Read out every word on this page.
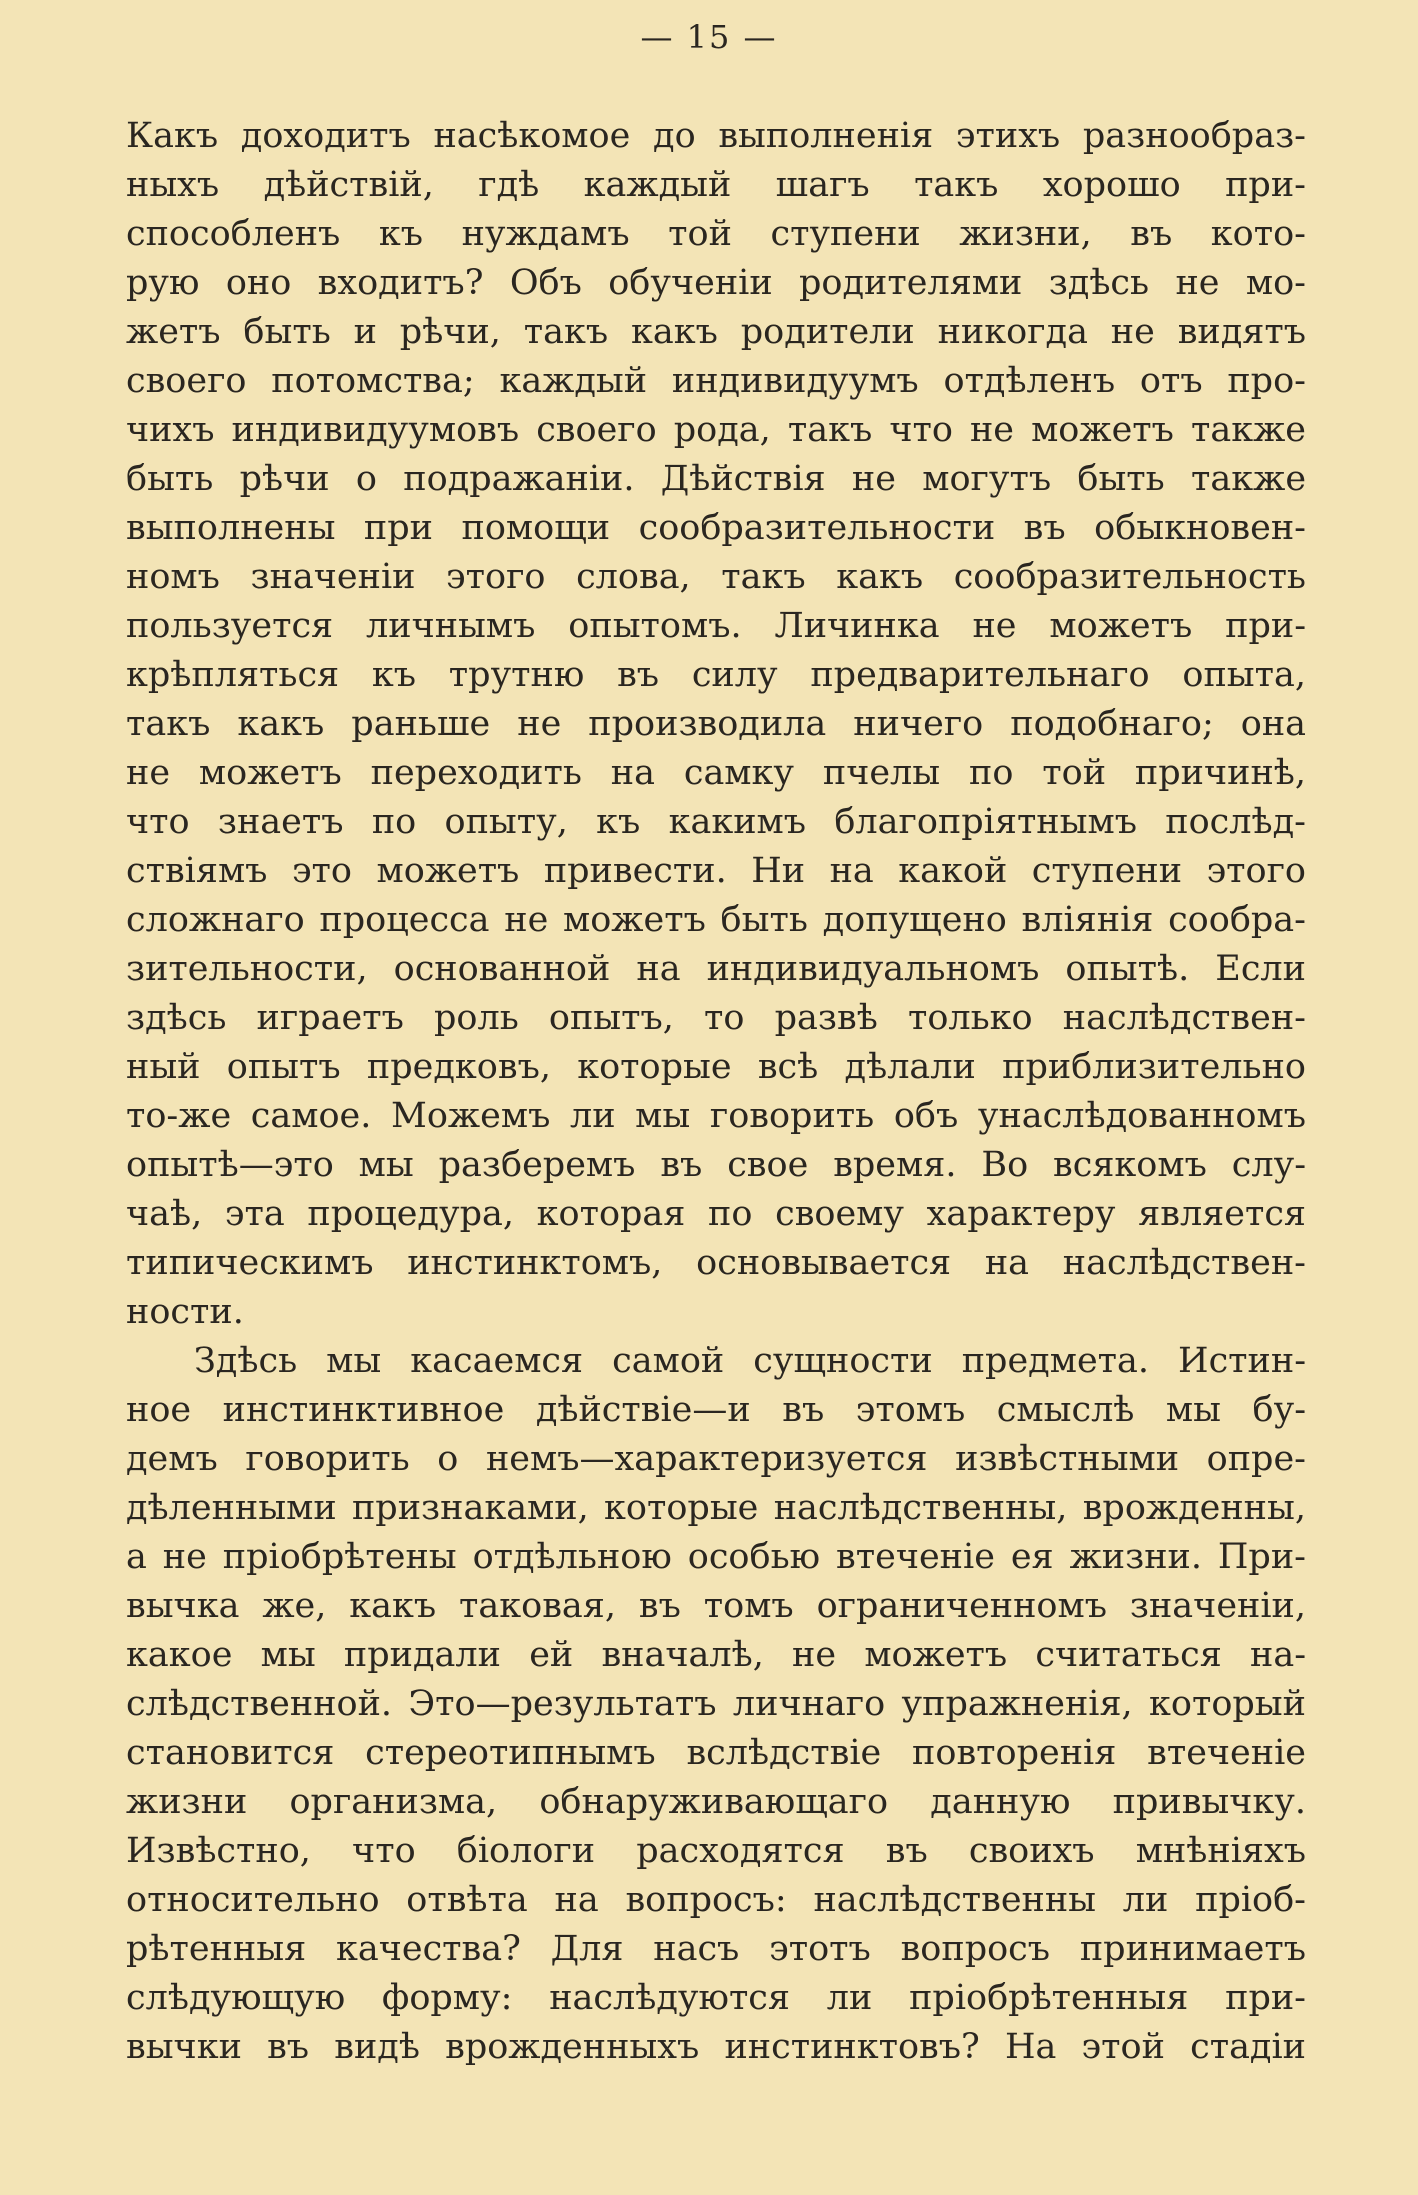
— 15 —
Какъ доходитъ насѣкомое до выполненія этихъ разнообраз-
ныхъ дѣйствій, гдѣ каждый шагъ такъ хорошо при-
способленъ къ нуждамъ той ступени жизни, въ кото-
рую оно входитъ? Объ обученіи родителями здѣсь не мо-
жетъ быть и рѣчи, такъ какъ родители никогда не видятъ
своего потомства; каждый индивидуумъ отдѣленъ отъ про-
чихъ индивидуумовъ своего рода, такъ что не можетъ также
быть рѣчи о подражаніи. Дѣйствія не могутъ быть также
выполнены при помощи сообразительности въ обыкновен-
номъ значеніи этого слова, такъ какъ сообразительность
пользуется личнымъ опытомъ. Личинка не можетъ при-
крѣпляться къ трутню въ силу предварительнаго опыта,
такъ какъ раньше не производила ничего подобнаго; она
не можетъ переходить на самку пчелы по той причинѣ,
что знаетъ по опыту, къ какимъ благопріятнымъ послѣд-
ствіямъ это можетъ привести. Ни на какой ступени этого
сложнаго процесса не можетъ быть допущено вліянія сообра-
зительности, основанной на индивидуальномъ опытѣ. Если
здѣсь играетъ роль опытъ, то развѣ только наслѣдствен-
ный опытъ предковъ, которые всѣ дѣлали приблизительно
то-же самое. Можемъ ли мы говорить объ унаслѣдованномъ
опытѣ—это мы разберемъ въ свое время. Во всякомъ слу-
чаѣ, эта процедура, которая по своему характеру является
типическимъ инстинктомъ, основывается на наслѣдствен-
ности.
Здѣсь мы касаемся самой сущности предмета. Истин-
ное инстинктивное дѣйствіе—и въ этомъ смыслѣ мы бу-
демъ говорить о немъ—характеризуется извѣстными опре-
дѣленными признаками, которые наслѣдственны, врожденны,
а не пріобрѣтены отдѣльною особью втеченіе ея жизни. При-
вычка же, какъ таковая, въ томъ ограниченномъ значеніи,
какое мы придали ей вначалѣ, не можетъ считаться на-
слѣдственной. Это—результатъ личнаго упражненія, который
становится стереотипнымъ вслѣдствіе повторенія втеченіе
жизни организма, обнаруживающаго данную привычку.
Извѣстно, что біологи расходятся въ своихъ мнѣніяхъ
относительно отвѣта на вопросъ: наслѣдственны ли пріоб-
рѣтенныя качества? Для насъ этотъ вопросъ принимаетъ
слѣдующую форму: наслѣдуются ли пріобрѣтенныя при-
вычки въ видѣ врожденныхъ инстинктовъ? На этой стадіи
